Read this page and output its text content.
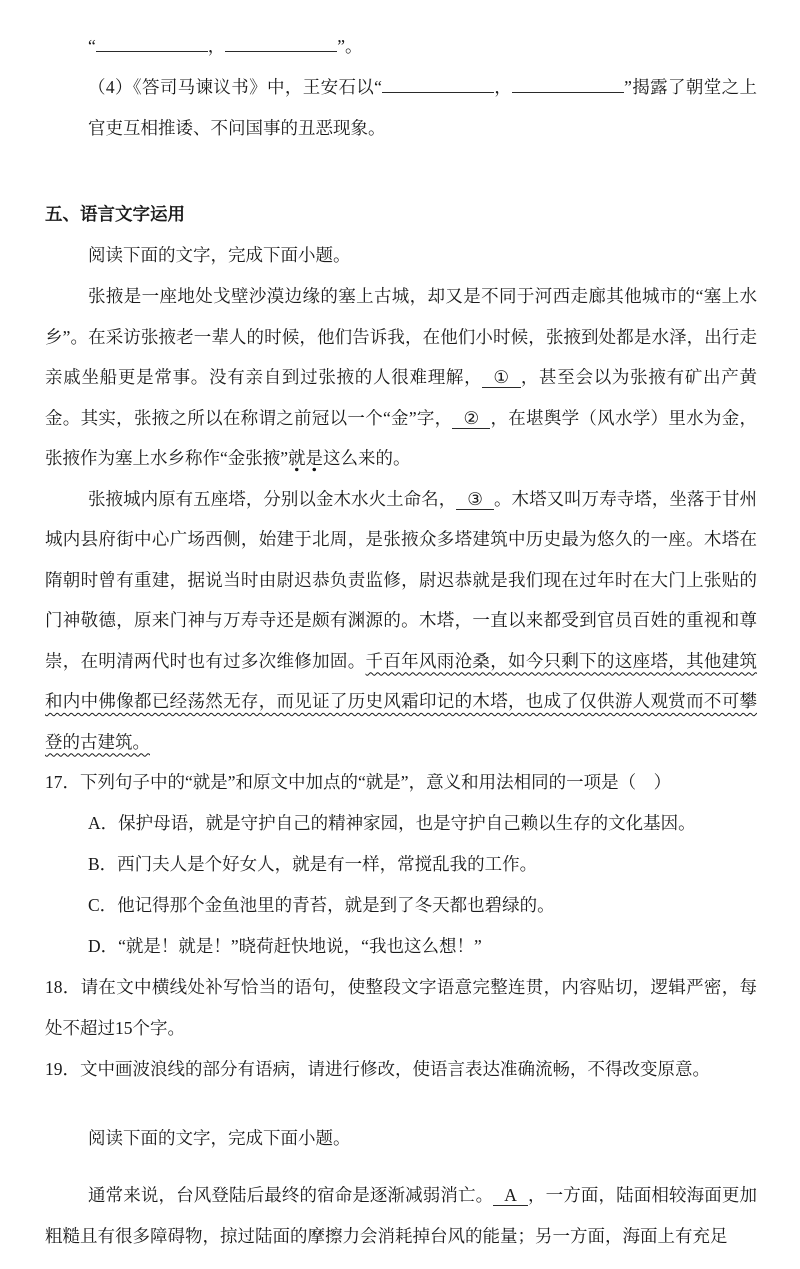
“	，	”。

（4）《答司马谏议书》中，王安石以“	，	”揭露了朝堂之上官吏互相推诿、不问国事的丑恶现象。

五、语言文字运用

阅读下面的文字，完成下面小题。

张掖是一座地处戈壁沙漠边缘的塞上古城，却又是不同于河西走廊其他城市的“塞上水乡”。在采访张掖老一辈人的时候，他们告诉我，在他们小时候，张掖到处都是水泽，出行走亲戚坐船更是常事。没有亲自到过张掖的人很难理解， ① ，甚至会以为张掖有矿出产黄金。其实，张掖之所以在称谓之前冠以一个“金”字， ② ，在堪舆学（风水学）里水为金，张掖作为塞上水乡称作“金张掖”就是这么来的。

张掖城内原有五座塔，分别以金木水火土命名， ③ 。木塔又叫万寿寺塔，坐落于甘州城内县府街中心广场西侧，始建于北周，是张掖众多塔建筑中历史最为悠久的一座。木塔在隋朝时曾有重建，据说当时由尉迟恭负责监修，尉迟恭就是我们现在过年时在大门上张贴的门神敬德，原来门神与万寿寺还是颇有渊源的。木塔，一直以来都受到官员百姓的重视和尊崇，在明清两代时也有过多次维修加固。千百年风雨沧桑，如今只剩下的这座塔，其他建筑和内中佛像都已经荡然无存，而见证了历史风霜印记的木塔，也成了仅供游人观赏而不可攀登的古建筑。

17．下列句子中的“就是”和原文中加点的“就是”，意义和用法相同的一项是（　）

A．保护母语，就是守护自己的精神家园，也是守护自己赖以生存的文化基因。

B．西门夫人是个好女人，就是有一样，常搅乱我的工作。

C．他记得那个金鱼池里的青苔，就是到了冬天都也碧绿的。

D．“就是！就是！”晓荷赶快地说，“我也这么想！”

18．请在文中横线处补写恰当的语句，使整段文字语意完整连贯，内容贴切，逻辑严密，每处不超过15个字。

19．文中画波浪线的部分有语病，请进行修改，使语言表达准确流畅，不得改变原意。

阅读下面的文字，完成下面小题。

通常来说，台风登陆后最终的宿命是逐渐减弱消亡。 A ，一方面，陆面相较海面更加粗糙且有很多障碍物，掠过陆面的摩擦力会消耗掉台风的能量；另一方面，海面上有充足
